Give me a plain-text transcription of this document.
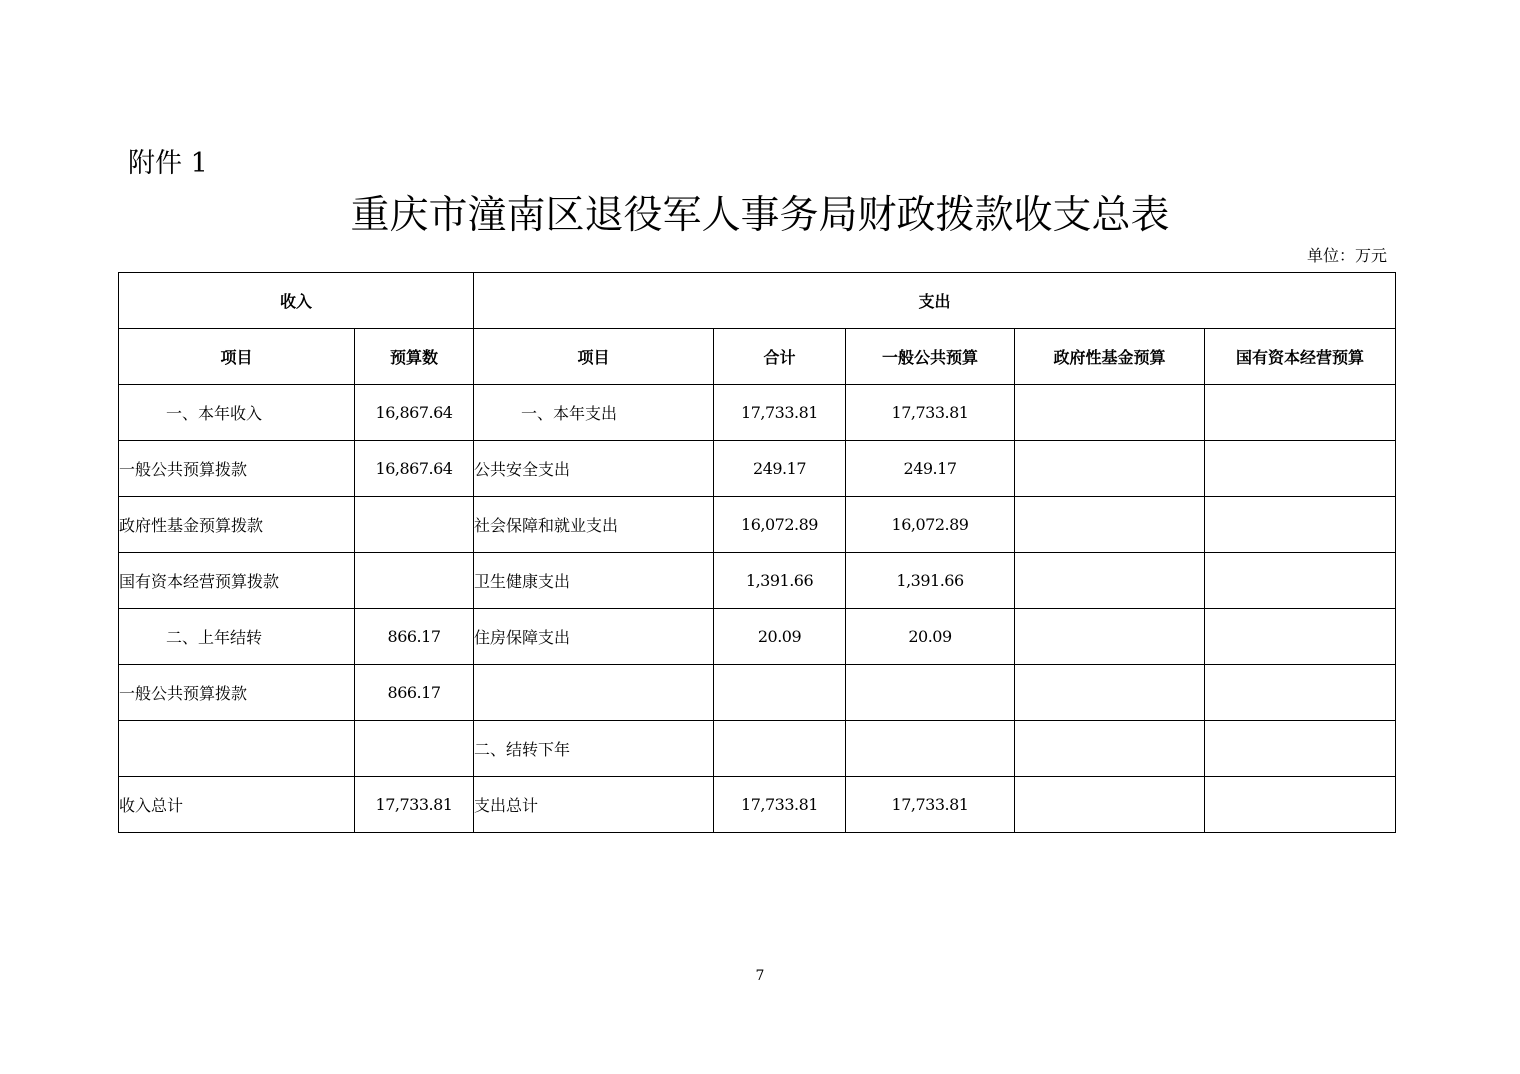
附件 1
重庆市潼南区退役军人事务局财政拨款收支总表
单位：万元
收入		支出				
项目	预算数	项目	合计	一般公共预算	政府性基金预算	国有资本经营预算
一、本年收入	16,867.64	一、本年支出	17,733.81	17,733.81		
一般公共预算拨款	16,867.64	公共安全支出	249.17	249.17		
政府性基金预算拨款		社会保障和就业支出	16,072.89	16,072.89		
国有资本经营预算拨款		卫生健康支出	1,391.66	1,391.66		
二、上年结转	866.17	住房保障支出	20.09	20.09		
一般公共预算拨款	866.17					
		二、结转下年				
收入总计	17,733.81	支出总计	17,733.81	17,733.81		
7
